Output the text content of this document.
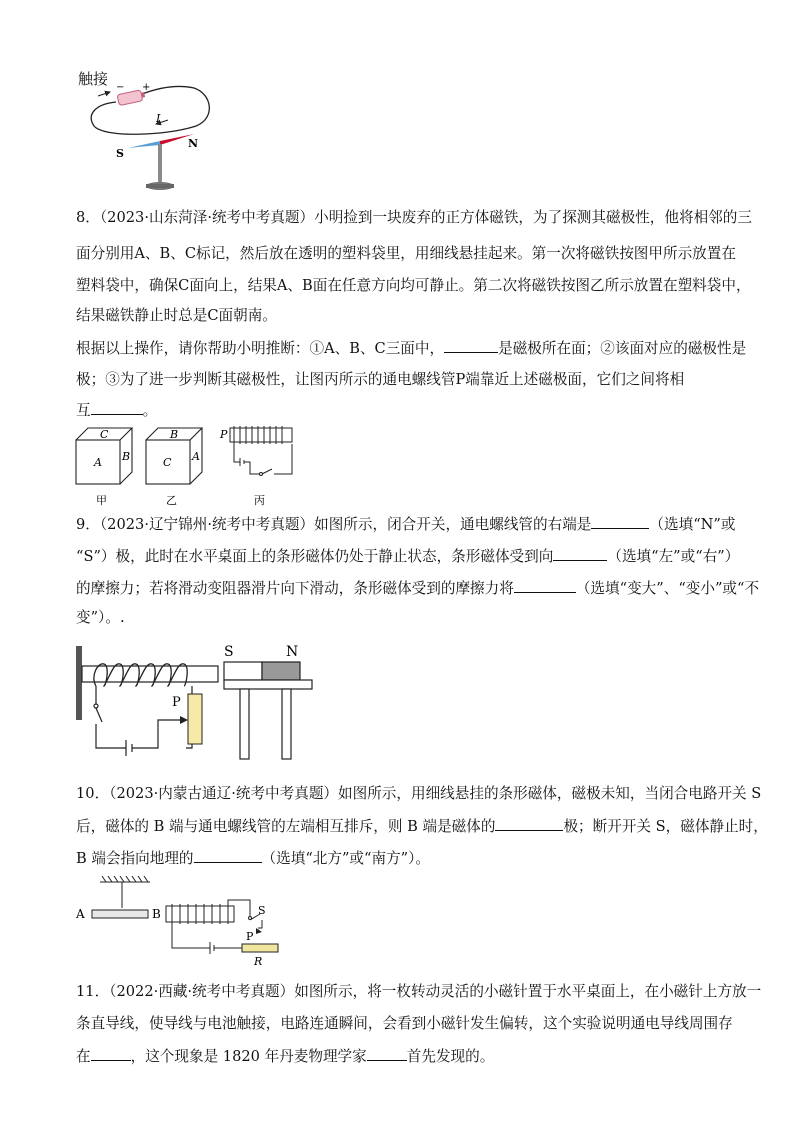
触接 − +
I
S
N
8．（2023·山东菏泽·统考中考真题）小明捡到一块废弃的正方体磁铁，为了探测其磁极性，他将相邻的三
面分别用A、B、C标记，然后放在透明的塑料袋里，用细线悬挂起来。第一次将磁铁按图甲所示放置在
塑料袋中，确保C面向上，结果A、B面在任意方向均可静止。第二次将磁铁按图乙所示放置在塑料袋中，
结果磁铁静止时总是C面朝南。
根据以上操作，请你帮助小明推断：①A、B、C三面中，	是磁极所在面；②该面对应的磁极性是
极；③为了进一步判断其磁极性，让图丙所示的通电螺线管P端靠近上述磁极面，它们之间将相
互	。
C
A B
甲
B
C A
乙
P
丙
9．（2023·辽宁锦州·统考中考真题）如图所示，闭合开关，通电螺线管的右端是	（选填“N”或
“S”）极，此时在水平桌面上的条形磁体仍处于静止状态，条形磁体受到向	（选填“左”或“右”）
的摩擦力；若将滑动变阻器滑片向下滑动，条形磁体受到的摩擦力将	（选填“变大”、“变小”或“不
变”）。.
P
S	N
10．（2023·内蒙古通辽·统考中考真题）如图所示，用细线悬挂的条形磁体，磁极未知，当闭合电路开关 S
后，磁体的 B 端与通电螺线管的左端相互排斥，则 B 端是磁体的	极；断开开关 S，磁体静止时，
B 端会指向地理的	（选填“北方”或“南方”）。
A	B	S
P
R
11．（2022·西藏·统考中考真题）如图所示，将一枚转动灵活的小磁针置于水平桌面上，在小磁针上方放一
条直导线，使导线与电池触接，电路连通瞬间，会看到小磁针发生偏转，这个实验说明通电导线周围存
在	，这个现象是 1820 年丹麦物理学家	首先发现的。
